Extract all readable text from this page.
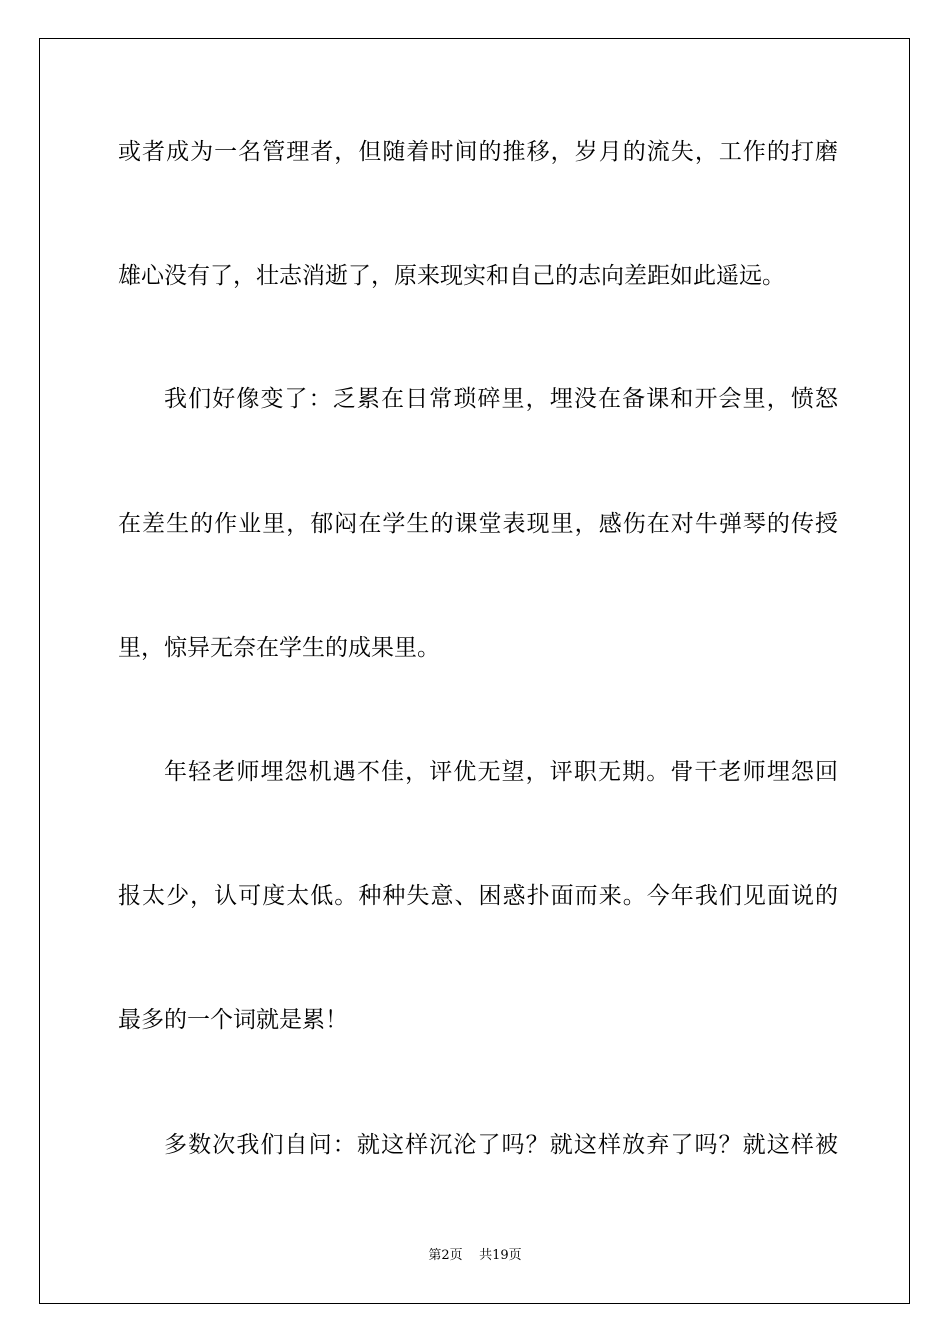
或者成为一名管理者，但随着时间的推移，岁月的流失，工作的打磨
雄心没有了，壮志消逝了，原来现实和自己的志向差距如此遥远。
我们好像变了：乏累在日常琐碎里，埋没在备课和开会里，愤怒
在差生的作业里，郁闷在学生的课堂表现里，感伤在对牛弹琴的传授
里，惊异无奈在学生的成果里。
年轻老师埋怨机遇不佳，评优无望，评职无期。骨干老师埋怨回
报太少，认可度太低。种种失意、困惑扑面而来。今年我们见面说的
最多的一个词就是累！
多数次我们自问：就这样沉沦了吗？就这样放弃了吗？就这样被
第2页    共19页
